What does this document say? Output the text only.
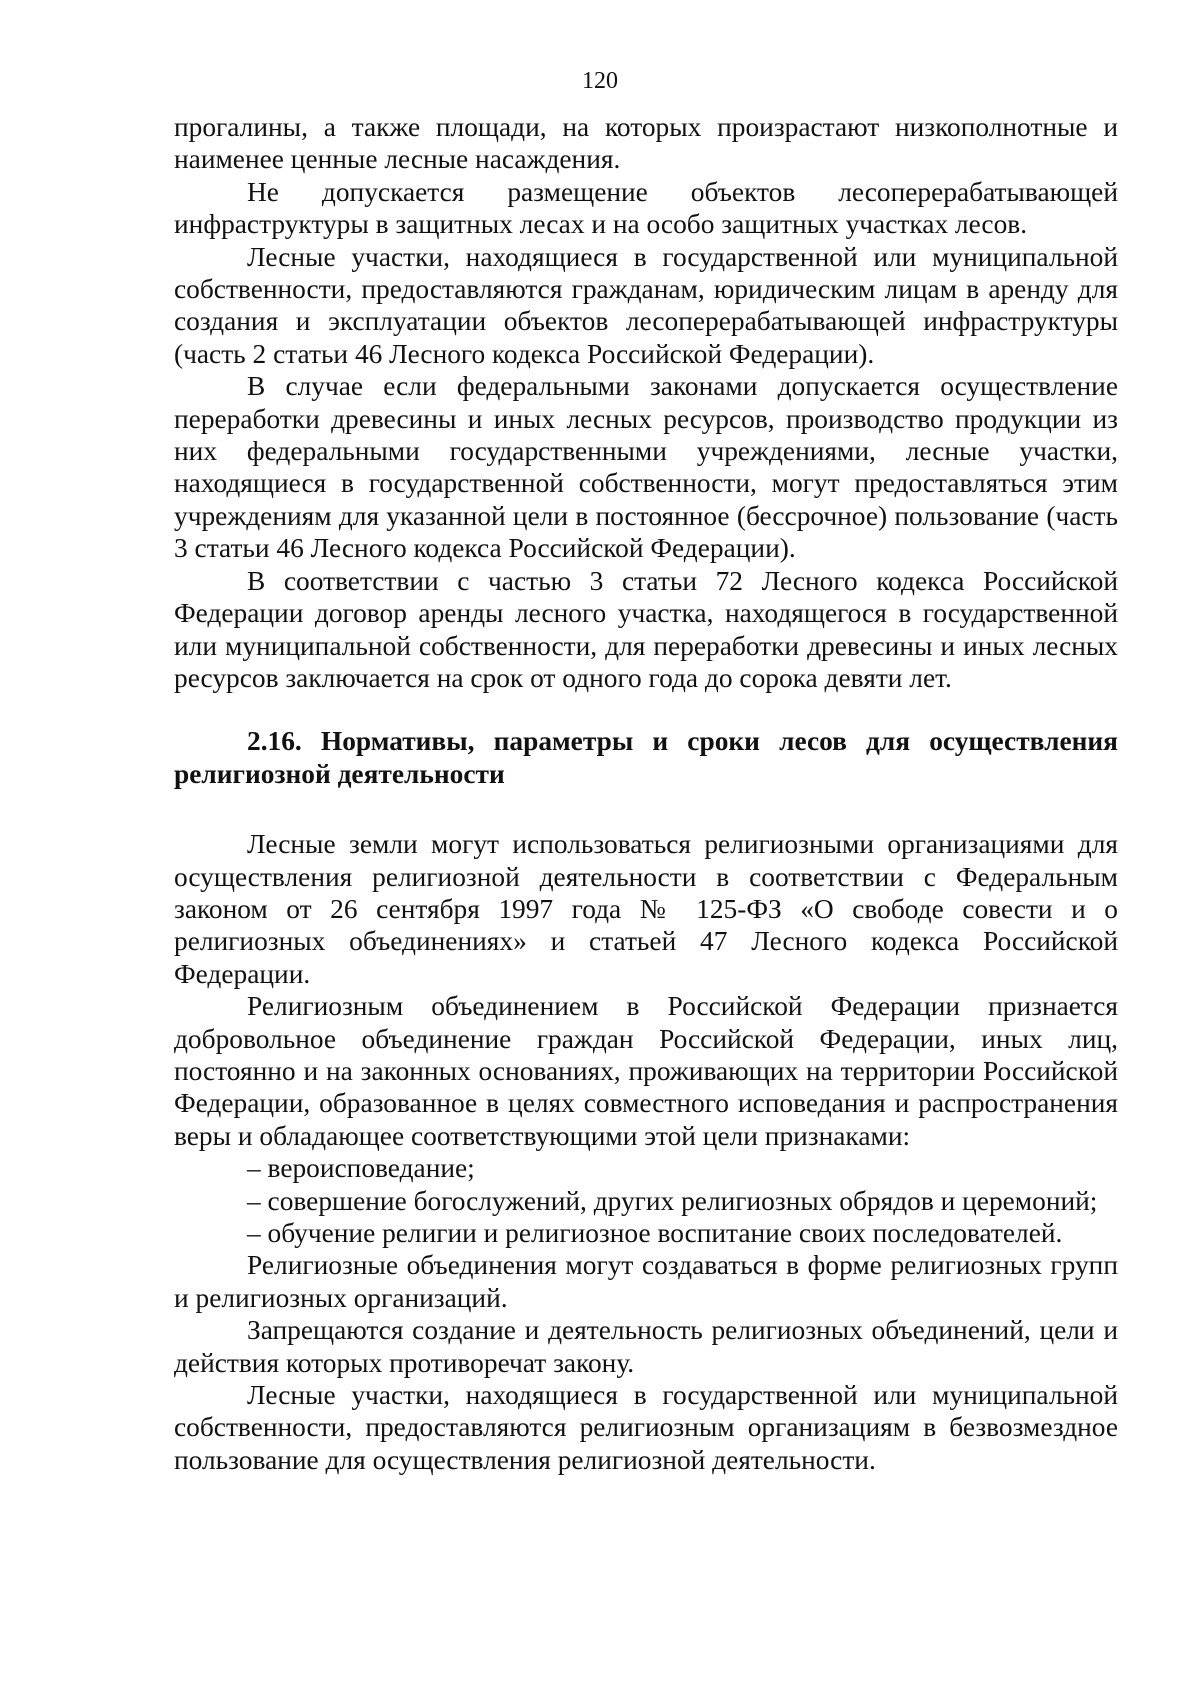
120

прогалины, а также площади, на которых произрастают низкополнотные и наименее ценные лесные насаждения.

Не допускается размещение объектов лесоперерабатывающей инфраструктуры в защитных лесах и на особо защитных участках лесов.

Лесные участки, находящиеся в государственной или муниципальной собственности, предоставляются гражданам, юридическим лицам в аренду для создания и эксплуатации объектов лесоперерабатывающей инфраструктуры (часть 2 статьи 46 Лесного кодекса Российской Федерации).

В случае если федеральными законами допускается осуществление переработки древесины и иных лесных ресурсов, производство продукции из них федеральными государственными учреждениями, лесные участки, находящиеся в государственной собственности, могут предоставляться этим учреждениям для указанной цели в постоянное (бессрочное) пользование (часть 3 статьи 46 Лесного кодекса Российской Федерации).

В соответствии с частью 3 статьи 72 Лесного кодекса Российской Федерации договор аренды лесного участка, находящегося в государственной или муниципальной собственности, для переработки древесины и иных лесных ресурсов заключается на срок от одного года до сорока девяти лет.

2.16. Нормативы, параметры и сроки лесов для осуществления религиозной деятельности

Лесные земли могут использоваться религиозными организациями для осуществления религиозной деятельности в соответствии с Федеральным законом от 26 сентября 1997 года № 125-ФЗ «О свободе совести и о религиозных объединениях» и статьей 47 Лесного кодекса Российской Федерации.

Религиозным объединением в Российской Федерации признается добровольное объединение граждан Российской Федерации, иных лиц, постоянно и на законных основаниях, проживающих на территории Российской Федерации, образованное в целях совместного исповедания и распространения веры и обладающее соответствующими этой цели признаками:

– вероисповедание;

– совершение богослужений, других религиозных обрядов и церемоний;

– обучение религии и религиозное воспитание своих последователей.

Религиозные объединения могут создаваться в форме религиозных групп и религиозных организаций.

Запрещаются создание и деятельность религиозных объединений, цели и действия которых противоречат закону.

Лесные участки, находящиеся в государственной или муниципальной собственности, предоставляются религиозным организациям в безвозмездное пользование для осуществления религиозной деятельности.
